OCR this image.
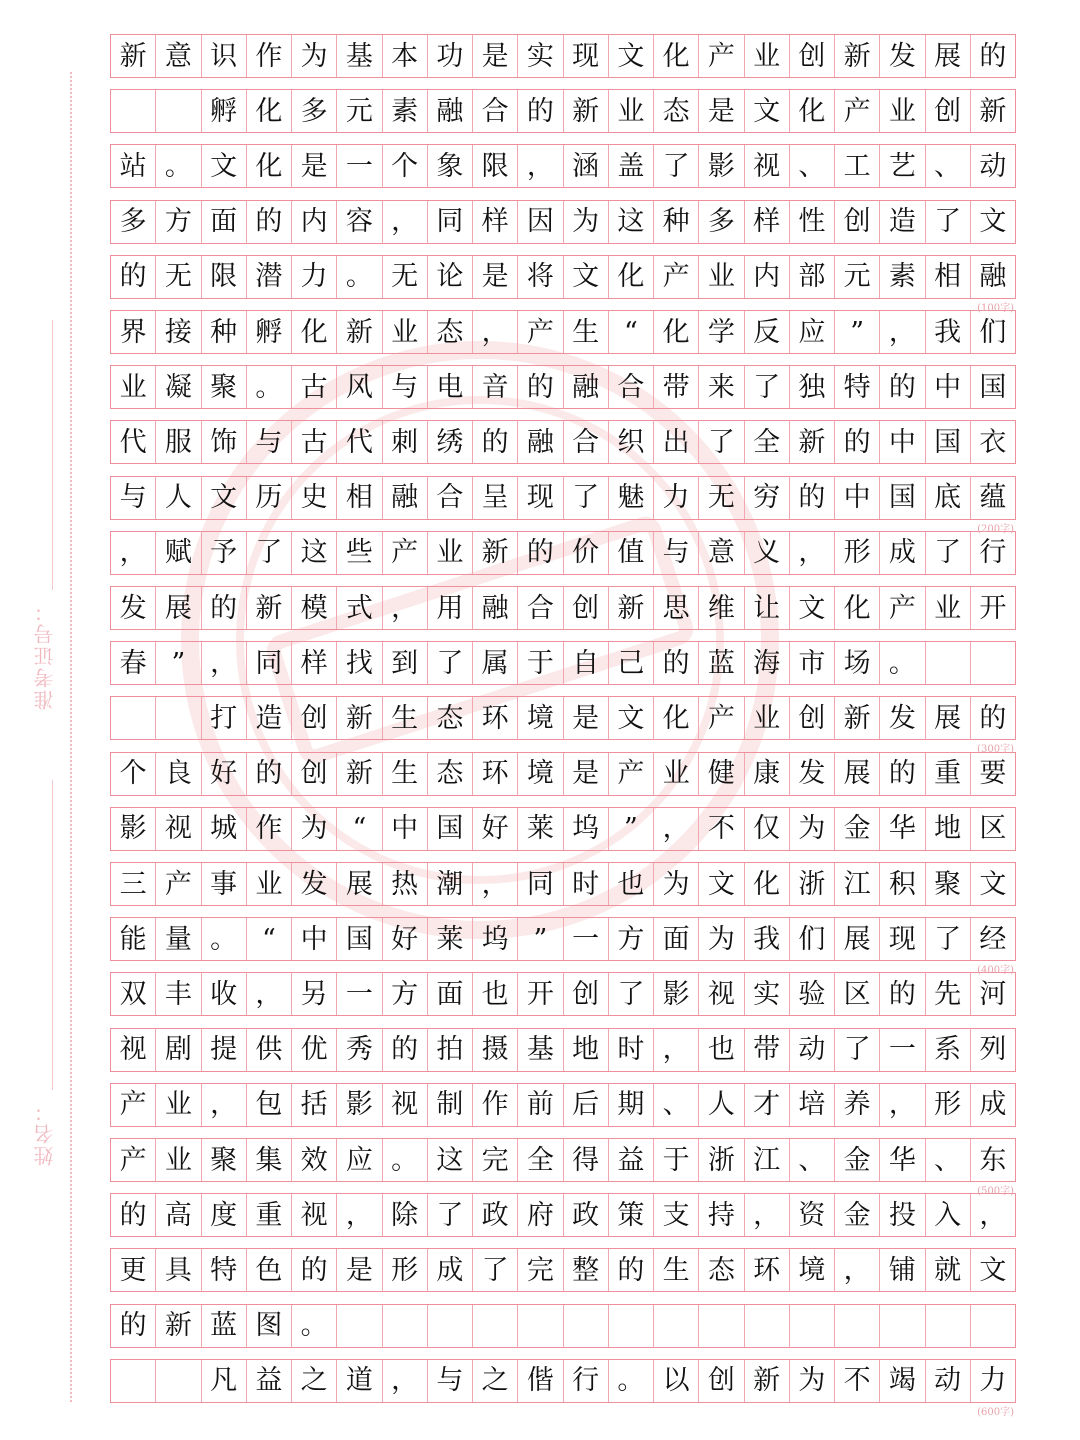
准考证号：
姓名：
新 意 识 作 为 基 本 功 是 实 现 文 化 产 业 创 新 发 展 的
孵 化 多 元 素 融 合 的 新 业 态 是 文 化 产 业 创 新
站 。 文 化 是 一 个 象 限 ， 涵 盖 了 影 视 、 工 艺 、 动
多 方 面 的 内 容 ， 同 样 因 为 这 种 多 样 性 创 造 了 文
的 无 限 潜 力 。 无 论 是 将 文 化 产 业 内 部 元 素 相 融
界 接 种 孵 化 新 业 态 ， 产 生 “ 化 学 反 应 ” ， 我 们
业 凝 聚 。 古 风 与 电 音 的 融 合 带 来 了 独 特 的 中 国
代 服 饰 与 古 代 刺 绣 的 融 合 织 出 了 全 新 的 中 国 衣
与 人 文 历 史 相 融 合 呈 现 了 魅 力 无 穷 的 中 国 底 蕴
， 赋 予 了 这 些 产 业 新 的 价 值 与 意 义 ， 形 成 了 行
发 展 的 新 模 式 ， 用 融 合 创 新 思 维 让 文 化 产 业 开
春 ” ， 同 样 找 到 了 属 于 自 己 的 蓝 海 市 场 。
打 造 创 新 生 态 环 境 是 文 化 产 业 创 新 发 展 的
个 良 好 的 创 新 生 态 环 境 是 产 业 健 康 发 展 的 重 要
影 视 城 作 为 “ 中 国 好 莱 坞 ” ， 不 仅 为 金 华 地 区
三 产 事 业 发 展 热 潮 ， 同 时 也 为 文 化 浙 江 积 聚 文
能 量 。 “ 中 国 好 莱 坞 ” 一 方 面 为 我 们 展 现 了 经
双 丰 收 ， 另 一 方 面 也 开 创 了 影 视 实 验 区 的 先 河
视 剧 提 供 优 秀 的 拍 摄 基 地 时 ， 也 带 动 了 一 系 列
产 业 ， 包 括 影 视 制 作 前 后 期 、 人 才 培 养 ， 形 成
产 业 聚 集 效 应 。 这 完 全 得 益 于 浙 江 、 金 华 、 东
的 高 度 重 视 ， 除 了 政 府 政 策 支 持 ， 资 金 投 入 ，
更 具 特 色 的 是 形 成 了 完 整 的 生 态 环 境 ， 铺 就 文
的 新 蓝 图 。
凡 益 之 道 ， 与 之 偕 行 。 以 创 新 为 不 竭 动 力
(100字)
(200字)
(300字)
(400字)
(500字)
(600字)
